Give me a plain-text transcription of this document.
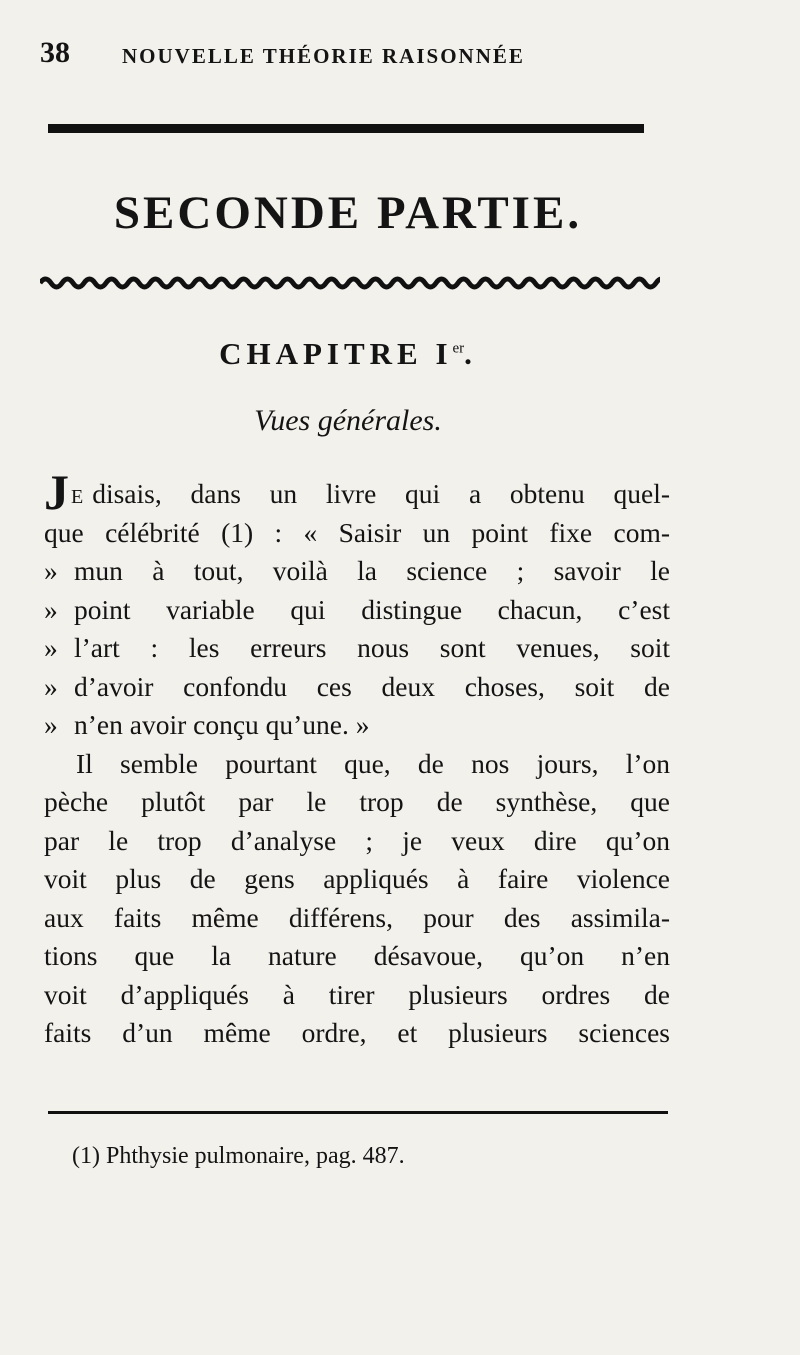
38 NOUVELLE THÉORIE RAISONNÉE
SECONDE PARTIE.
CHAPITRE Ier.
Vues générales.
J E disais, dans un livre qui a obtenu quel-
que célébrité (1) : « Saisir un point fixe com-
» mun à tout, voilà la science ; savoir le
» point variable qui distingue chacun, c’est
» l’art : les erreurs nous sont venues, soit
» d’avoir confondu ces deux choses, soit de
» n’en avoir conçu qu’une. »
Il semble pourtant que, de nos jours, l’on
pèche plutôt par le trop de synthèse, que
par le trop d’analyse ; je veux dire qu’on
voit plus de gens appliqués à faire violence
aux faits même différens, pour des assimila-
tions que la nature désavoue, qu’on n’en
voit d’appliqués à tirer plusieurs ordres de
faits d’un même ordre, et plusieurs sciences
(1) Phthysie pulmonaire, pag. 487.
